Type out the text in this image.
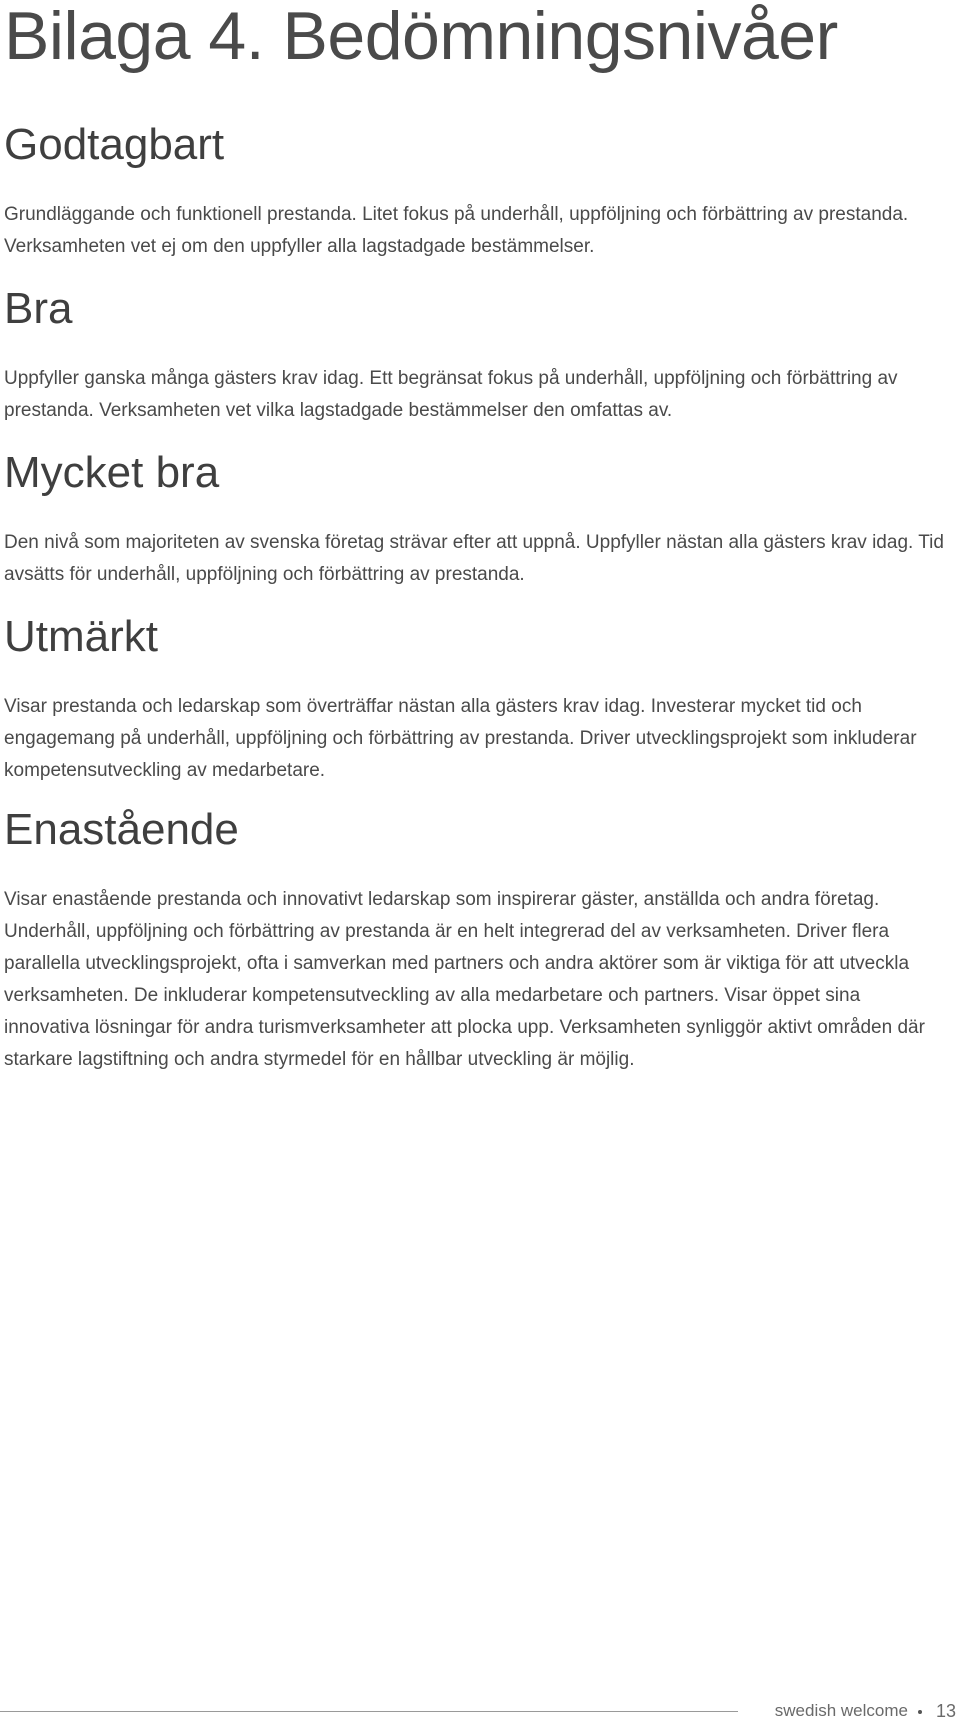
Bilaga 4. Bedömningsnivåer
Godtagbart

Grundläggande och funktionell prestanda. Litet fokus på underhåll, uppföljning och förbättring av prestanda. Verksamheten vet ej om den uppfyller alla lagstadgade bestämmelser.

Bra

Uppfyller ganska många gästers krav idag. Ett begränsat fokus på underhåll, uppföljning och förbättring av prestanda. Verksamheten vet vilka lagstadgade bestämmelser den omfattas av.

Mycket bra

Den nivå som majoriteten av svenska företag strävar efter att uppnå. Uppfyller nästan alla gästers krav idag. Tid avsätts för underhåll, uppföljning och förbättring av prestanda.

Utmärkt

Visar prestanda och ledarskap som överträffar nästan alla gästers krav idag. Investerar mycket tid och engagemang på underhåll, uppföljning och förbättring av prestanda. Driver utvecklingsprojekt som inkluderar kompetensutveckling av medarbetare.

Enastående

Visar enastående prestanda och innovativt ledarskap som inspirerar gäster, anställda och andra företag. Underhåll, uppföljning och förbättring av prestanda är en helt integrerad del av verksamheten. Driver flera parallella utvecklingsprojekt, ofta i samverkan med partners och andra aktörer som är viktiga för att utveckla verksamheten. De inkluderar kompetensutveckling av alla medarbetare och partners. Visar öppet sina innovativa lösningar för andra turismverksamheter att plocka upp. Verksamheten synliggör aktivt områden där starkare lagstiftning och andra styrmedel för en hållbar utveckling är möjlig.

swedish welcome 13
